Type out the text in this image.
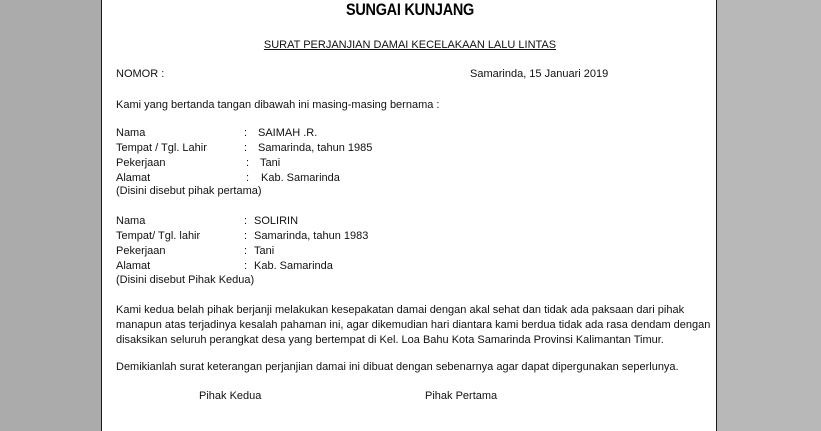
SUNGAI KUNJANG
SURAT PERJANJIAN DAMAI KECELAKAAN LALU LINTAS
NOMOR :	Samarinda, 15 Januari 2019
Kami yang bertanda tangan dibawah ini masing-masing bernama :
Nama	: SAIMAH .R.
Tempat / Tgl. Lahir	: Samarinda, tahun 1985
Pekerjaan	: Tani
Alamat	: Kab. Samarinda
(Disini disebut pihak pertama)
Nama	: SOLIRIN
Tempat/ Tgl. lahir	: Samarinda, tahun 1983
Pekerjaan	: Tani
Alamat	: Kab. Samarinda
(Disini disebut Pihak Kedua)
Kami kedua belah pihak berjanji melakukan kesepakatan damai dengan akal sehat dan tidak ada paksaan dari pihak
manapun atas terjadinya kesalah pahaman ini, agar dikemudian hari diantara kami berdua tidak ada rasa dendam dengan
disaksikan seluruh perangkat desa yang bertempat di Kel. Loa Bahu Kota Samarinda Provinsi Kalimantan Timur.
Demikianlah surat keterangan perjanjian damai ini dibuat dengan sebenarnya agar dapat dipergunakan seperlunya.
Pihak Kedua	Pihak Pertama
